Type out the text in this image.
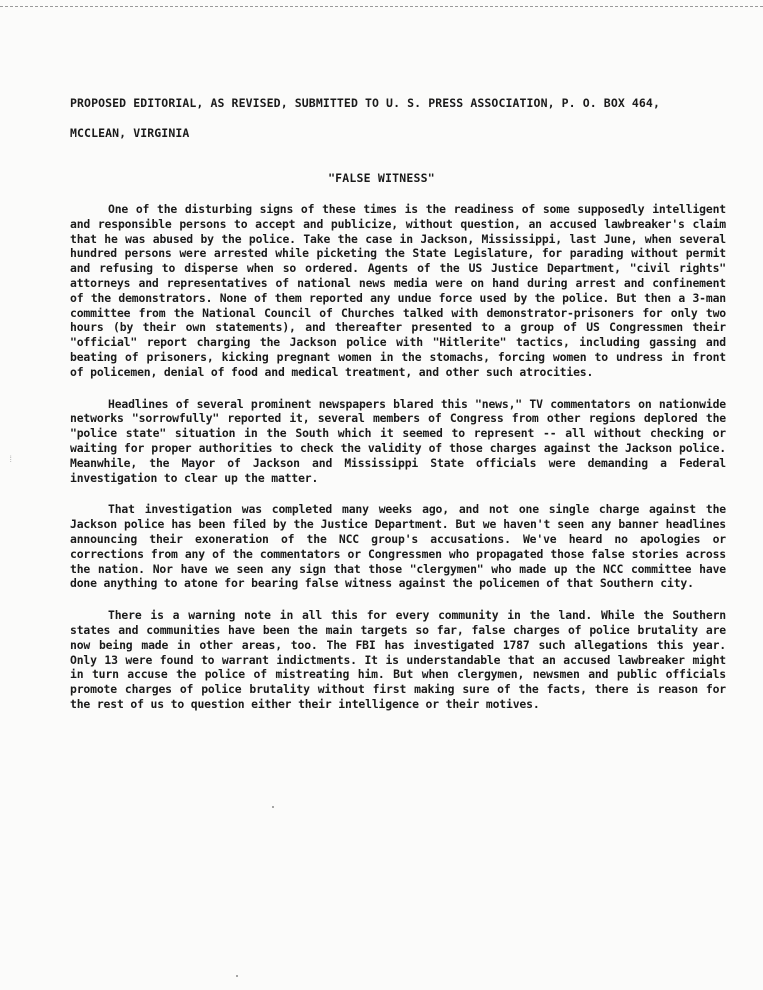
PROPOSED EDITORIAL, AS REVISED, SUBMITTED TO U. S. PRESS ASSOCIATION, P. O. BOX 464,
MCCLEAN, VIRGINIA
"FALSE WITNESS"

One of the disturbing signs of these times is the readiness of some supposedly intelligent and responsible persons to accept and publicize, without question, an accused lawbreaker's claim that he was abused by the police. Take the case in Jackson, Mississippi, last June, when several hundred persons were arrested while picketing the State Legislature, for parading without permit and refusing to disperse when so ordered. Agents of the US Justice Department, "civil rights" attorneys and representatives of national news media were on hand during arrest and confinement of the demonstrators. None of them reported any undue force used by the police. But then a 3-man committee from the National Council of Churches talked with demonstrator-prisoners for only two hours (by their own statements), and thereafter presented to a group of US Congressmen their "official" report charging the Jackson police with "Hitlerite" tactics, including gassing and beating of prisoners, kicking pregnant women in the stomachs, forcing women to undress in front of policemen, denial of food and medical treatment, and other such atrocities.

Headlines of several prominent newspapers blared this "news," TV commentators on nationwide networks "sorrowfully" reported it, several members of Congress from other regions deplored the "police state" situation in the South which it seemed to represent -- all without checking or waiting for proper authorities to check the validity of those charges against the Jackson police. Meanwhile, the Mayor of Jackson and Mississippi State officials were demanding a Federal investigation to clear up the matter.

That investigation was completed many weeks ago, and not one single charge against the Jackson police has been filed by the Justice Department. But we haven't seen any banner headlines announcing their exoneration of the NCC group's accusations. We've heard no apologies or corrections from any of the commentators or Congressmen who propagated those false stories across the nation. Nor have we seen any sign that those "clergymen" who made up the NCC committee have done anything to atone for bearing false witness against the policemen of that Southern city.

There is a warning note in all this for every community in the land. While the Southern states and communities have been the main targets so far, false charges of police brutality are now being made in other areas, too. The FBI has investigated 1787 such allegations this year. Only 13 were found to warrant indictments. It is understandable that an accused lawbreaker might in turn accuse the police of mistreating him. But when clergymen, newsmen and public officials promote charges of police brutality without first making sure of the facts, there is reason for the rest of us to question either their intelligence or their motives.

⁞
